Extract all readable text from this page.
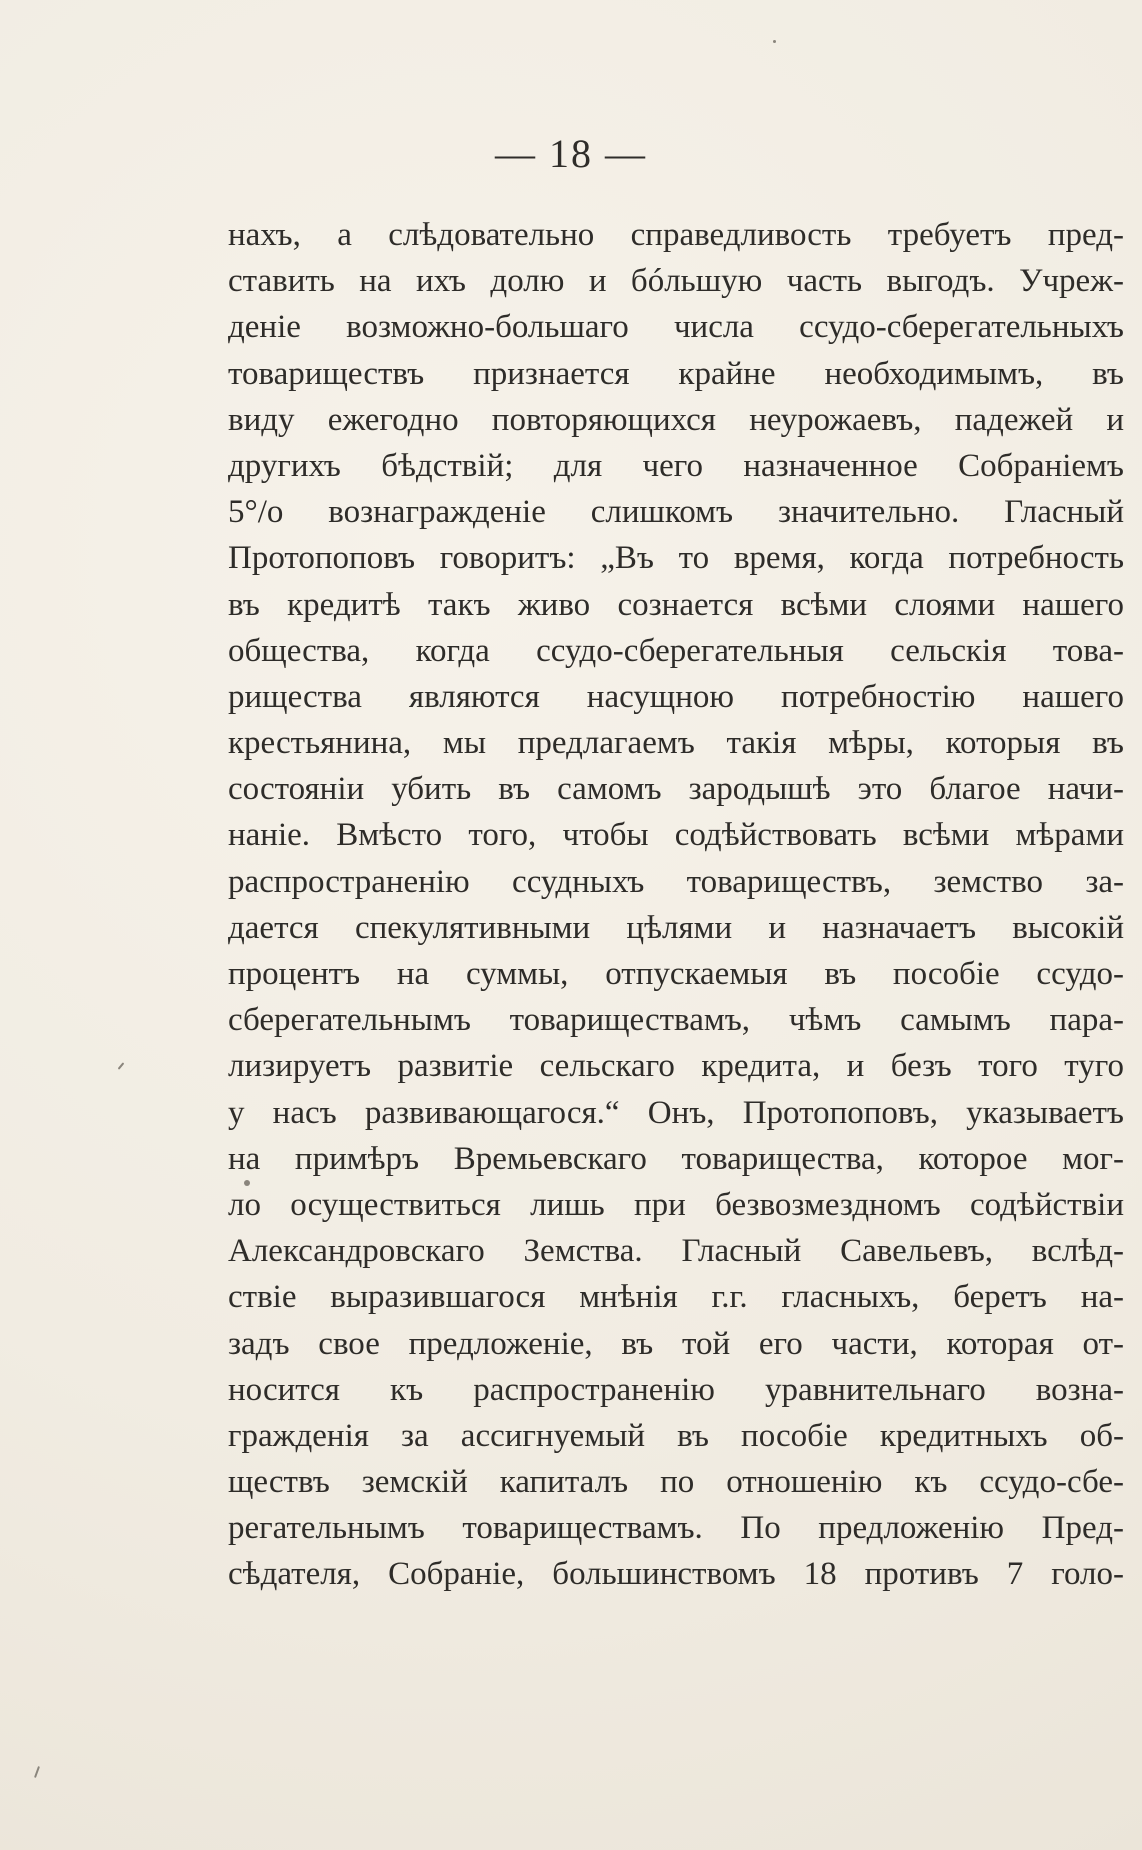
— 18 —
нахъ, а слѣдовательно справедливость требуетъ пред-
ставить на ихъ долю и бóльшую часть выгодъ. Учреж-
деніе возможно-большаго числа ссудо-сберегательныхъ
товариществъ признается крайне необходимымъ, въ
виду ежегодно повторяющихся неурожаевъ, падежей и
другихъ бѣдствій; для чего назначенное Собраніемъ
5°/o вознагражденіе слишкомъ значительно. Гласный
Протопоповъ говоритъ: „Въ то время, когда потребность
въ кредитѣ такъ живо сознается всѣми слоями нашего
общества, когда ссудо-сберегательныя сельскія това-
рищества являются насущною потребностію нашего
крестьянина, мы предлагаемъ такія мѣры, которыя въ
состояніи убить въ самомъ зародышѣ это благое начи-
наніе. Вмѣсто того, чтобы содѣйствовать всѣми мѣрами
распространенію ссудныхъ товариществъ, земство за-
дается спекулятивными цѣлями и назначаетъ высокій
процентъ на суммы, отпускаемыя въ пособіе ссудо-
сберегательнымъ товариществамъ, чѣмъ самымъ пара-
лизируетъ развитіе сельскаго кредита, и безъ того туго
у насъ развивающагося.“ Онъ, Протопоповъ, указываетъ
на примѣръ Времьевскаго товарищества, которое мог-
ло осуществиться лишь при безвозмездномъ содѣйствіи
Александровскаго Земства. Гласный Савельевъ, вслѣд-
ствіе выразившагося мнѣнія г.г. гласныхъ, беретъ на-
задъ свое предложеніе, въ той его части, которая от-
носится къ распространенію уравнительнаго возна-
гражденія за ассигнуемый въ пособіе кредитныхъ об-
ществъ земскій капиталъ по отношенію къ ссудо-сбе-
регательнымъ товариществамъ. По предложенію Пред-
сѣдателя, Собраніе, большинствомъ 18 противъ 7 голо-
